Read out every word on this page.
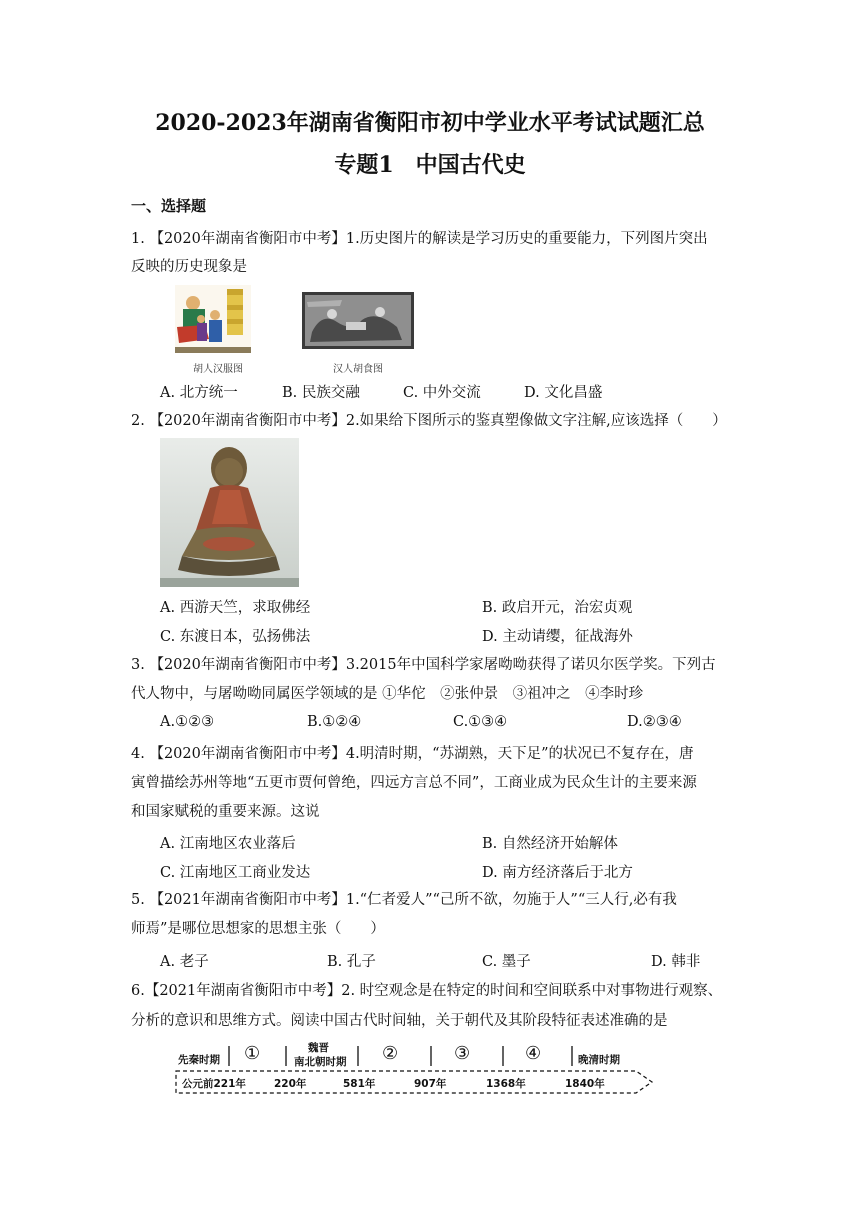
2020-2023年湖南省衡阳市初中学业水平考试试题汇总
专题1　中国古代史
一、选择题
1. 【2020年湖南省衡阳市中考】1.历史图片的解读是学习历史的重要能力，下列图片突出
反映的历史现象是
胡人汉服图	汉人胡食图
A. 北方统一	B. 民族交融	C. 中外交流	D. 文化昌盛
2. 【2020年湖南省衡阳市中考】2.如果给下图所示的鉴真塑像做文字注解,应该选择（　　）
A. 西游天竺，求取佛经	B. 政启开元，治宏贞观
C. 东渡日本，弘扬佛法	D. 主动请缨，征战海外
3. 【2020年湖南省衡阳市中考】3.2015年中国科学家屠呦呦获得了诺贝尔医学奖。下列古
代人物中，与屠呦呦同属医学领域的是 ①华佗　②张仲景　③祖冲之　④李时珍
A.①②③	B.①②④	C.①③④	D.②③④
4. 【2020年湖南省衡阳市中考】4.明清时期，“苏湖熟，天下足”的状况已不复存在，唐
寅曾描绘苏州等地“五更市贾何曾绝，四远方言总不同”，工商业成为民众生计的主要来源
和国家赋税的重要来源。这说
A. 江南地区农业落后	B. 自然经济开始解体
C. 江南地区工商业发达	D. 南方经济落后于北方
5. 【2021年湖南省衡阳市中考】1.“仁者爱人”“己所不欲，勿施于人”“三人行,必有我
师焉”是哪位思想家的思想主张（　　）
A. 老子	B. 孔子	C. 墨子	D. 韩非
6.【2021年湖南省衡阳市中考】2. 时空观念是在特定的时间和空间联系中对事物进行观察、
分析的意识和思维方式。阅读中国古代时间轴，关于朝代及其阶段特征表述准确的是
先秦时期 ①	魏晋
南北朝时期 ②	③	④	晚清时期
公元前221年	220年	581年	907年	1368年	1840年
